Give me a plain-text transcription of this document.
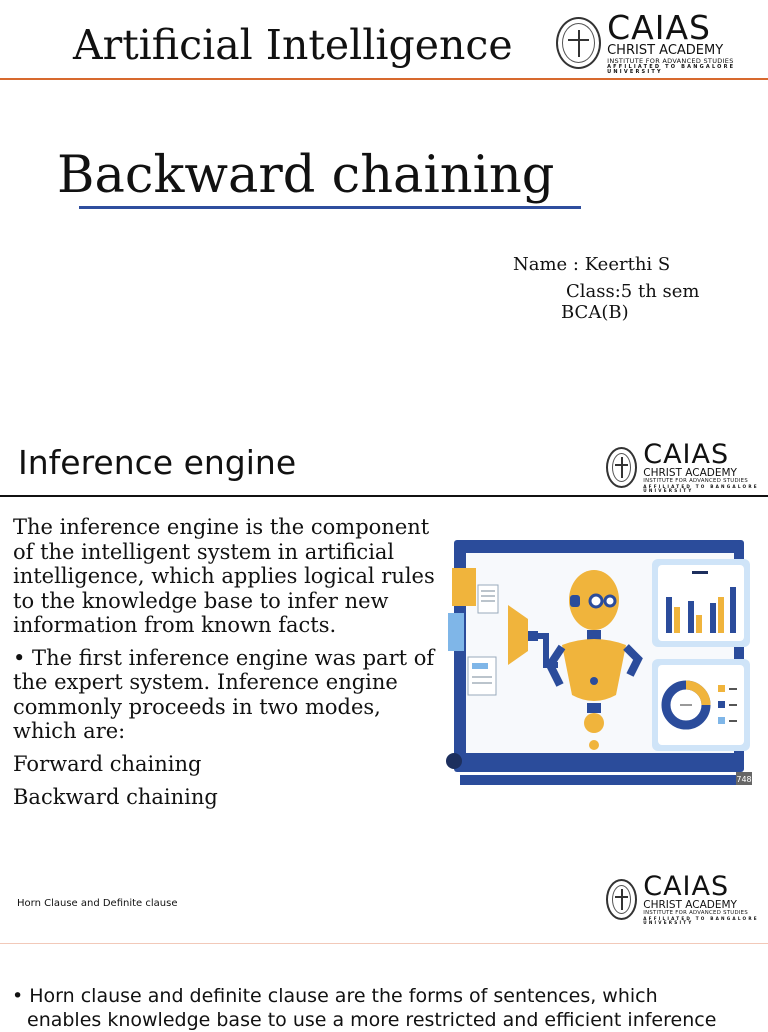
Artificial Intelligence	CAIAS
CHRIST ACADEMY
INSTITUTE FOR ADVANCED STUDIES
AFFILIATED TO BANGALORE UNIVERSITY
Backward chaining
Name : Keerthi S
Class:5 th sem
BCA(B)
Inference engine	CAIAS
CHRIST ACADEMY
INSTITUTE FOR ADVANCED STUDIES
AFFILIATED TO BANGALORE UNIVERSITY

The inference engine is the component
of the intelligent system in artificial
intelligence, which applies logical rules
to the knowledge base to infer new
information from known facts.

• The first inference engine was part of
the expert system. Inference engine
commonly proceeds in two modes,
which are:

Forward chaining

Backward chaining

748
Horn Clause and Definite clause
CAIAS
CHRIST ACADEMY
INSTITUTE FOR ADVANCED STUDIES
AFFILIATED TO BANGALORE UNIVERSITY
• Horn clause and definite clause are the forms of sentences, which
enables knowledge base to use a more restricted and efficient inference
